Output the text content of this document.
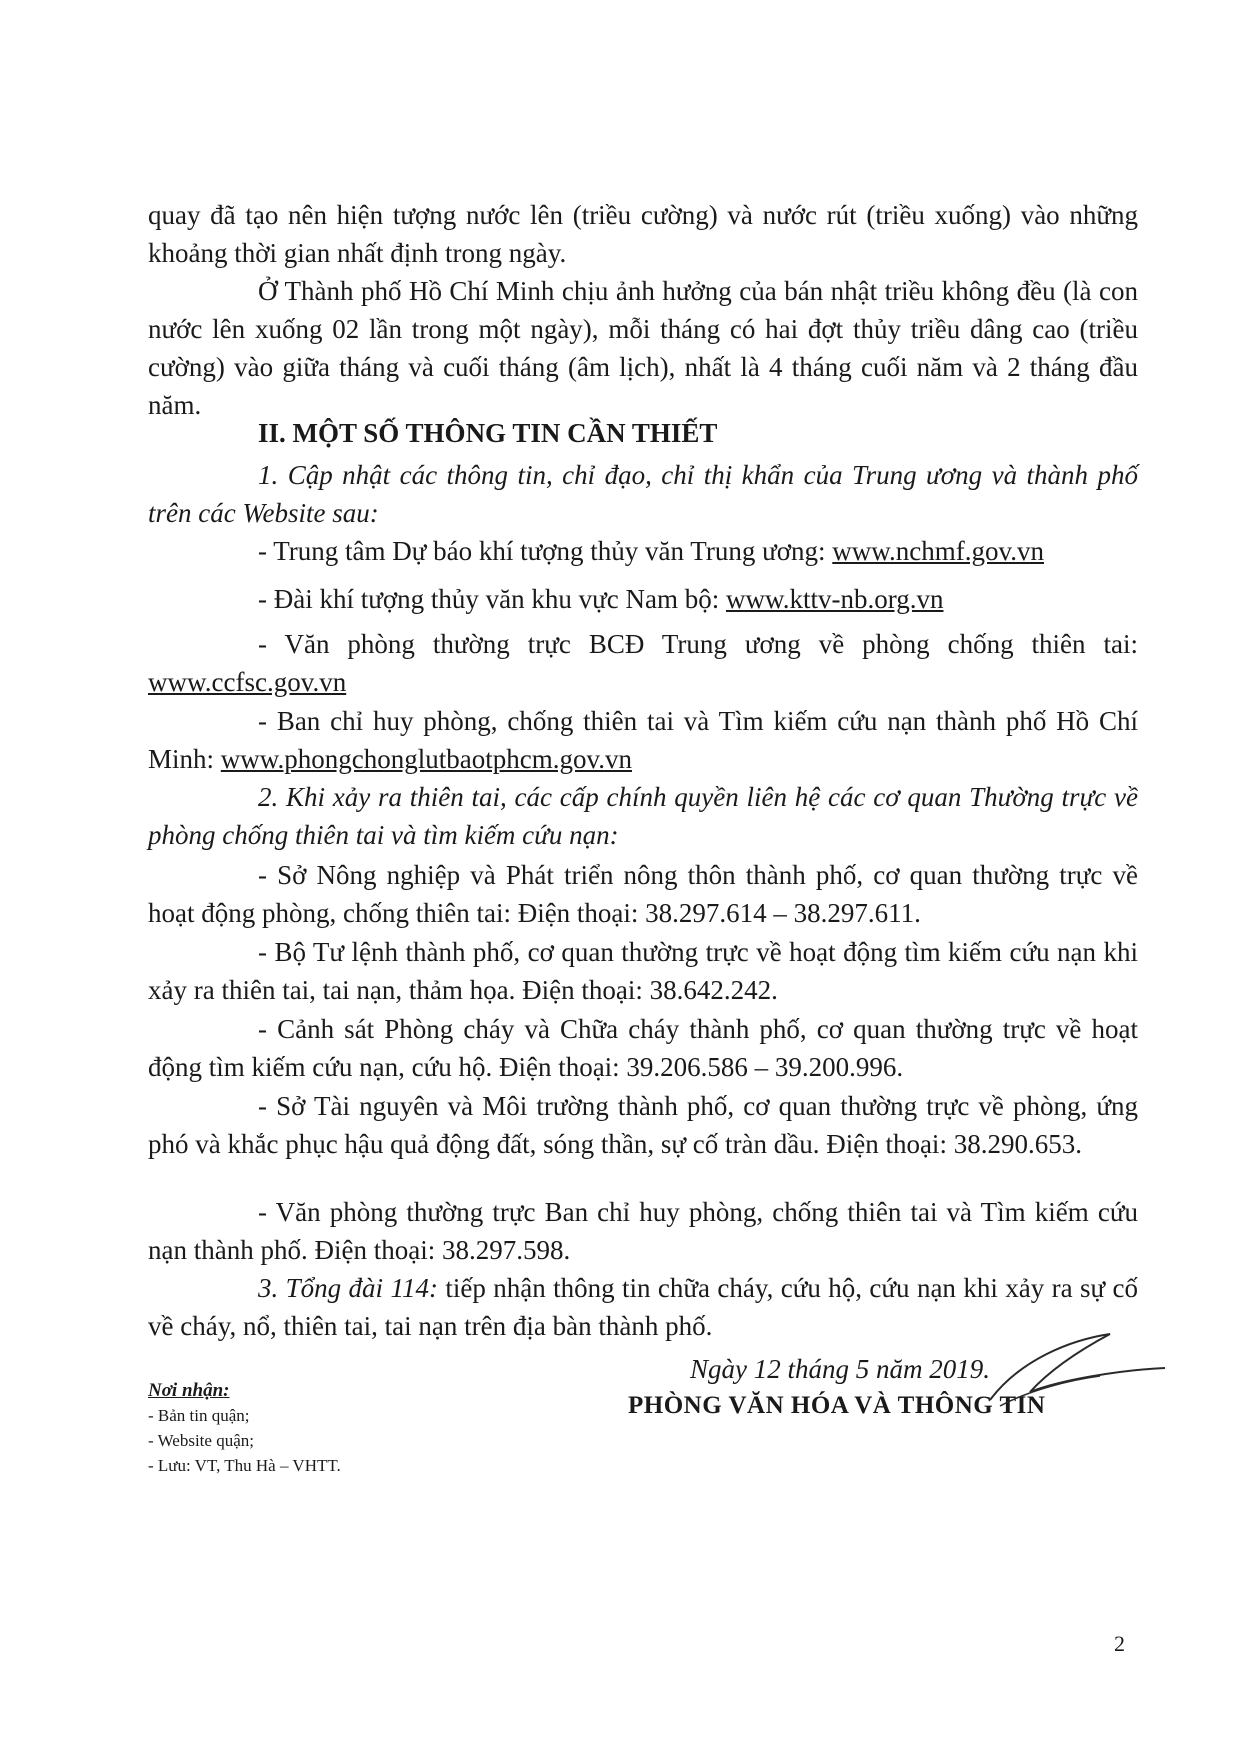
quay đã tạo nên hiện tượng nước lên (triều cường) và nước rút (triều xuống) vào những khoảng thời gian nhất định trong ngày.

Ở Thành phố Hồ Chí Minh chịu ảnh hưởng của bán nhật triều không đều (là con nước lên xuống 02 lần trong một ngày), mỗi tháng có hai đợt thủy triều dâng cao (triều cường) vào giữa tháng và cuối tháng (âm lịch), nhất là 4 tháng cuối năm và 2 tháng đầu năm.

II. MỘT SỐ THÔNG TIN CẦN THIẾT

1. Cập nhật các thông tin, chỉ đạo, chỉ thị khẩn của Trung ương và thành phố trên các Website sau:

- Trung tâm Dự báo khí tượng thủy văn Trung ương: www.nchmf.gov.vn

- Đài khí tượng thủy văn khu vực Nam bộ: www.kttv-nb.org.vn

- Văn phòng thường trực BCĐ Trung ương về phòng chống thiên tai: www.ccfsc.gov.vn

- Ban chỉ huy phòng, chống thiên tai và Tìm kiếm cứu nạn thành phố Hồ Chí Minh: www.phongchonglutbaotphcm.gov.vn

2. Khi xảy ra thiên tai, các cấp chính quyền liên hệ các cơ quan Thường trực về phòng chống thiên tai và tìm kiếm cứu nạn:

- Sở Nông nghiệp và Phát triển nông thôn thành phố, cơ quan thường trực về hoạt động phòng, chống thiên tai: Điện thoại: 38.297.614 – 38.297.611.

- Bộ Tư lệnh thành phố, cơ quan thường trực về hoạt động tìm kiếm cứu nạn khi xảy ra thiên tai, tai nạn, thảm họa. Điện thoại: 38.642.242.

- Cảnh sát Phòng cháy và Chữa cháy thành phố, cơ quan thường trực về hoạt động tìm kiếm cứu nạn, cứu hộ. Điện thoại: 39.206.586 – 39.200.996.

- Sở Tài nguyên và Môi trường thành phố, cơ quan thường trực về phòng, ứng phó và khắc phục hậu quả động đất, sóng thần, sự cố tràn dầu. Điện thoại: 38.290.653.

- Văn phòng thường trực Ban chỉ huy phòng, chống thiên tai và Tìm kiếm cứu nạn thành phố. Điện thoại: 38.297.598.

3. Tổng đài 114: tiếp nhận thông tin chữa cháy, cứu hộ, cứu nạn khi xảy ra sự cố về cháy, nổ, thiên tai, tai nạn trên địa bàn thành phố.

Nơi nhận:
- Bản tin quận;
- Website quận;
- Lưu: VT, Thu Hà – VHTT.
Ngày 12 tháng 5 năm 2019.
PHÒNG VĂN HÓA VÀ THÔNG TIN
2
